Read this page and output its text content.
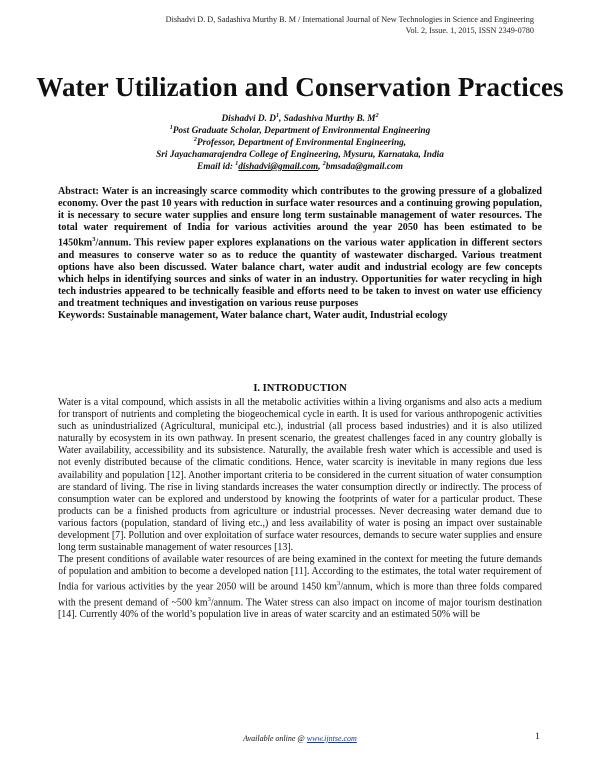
Dishadvi D. D, Sadashiva Murthy B. M / International Journal of New Technologies in Science and Engineering
Vol. 2, Issue. 1, 2015, ISSN 2349-0780
Water Utilization and Conservation Practices
Dishadvi D. $D^1$, Sadashiva Murthy B. $M^2$
$^1$Post Graduate Scholar, Department of Environmental Engineering
$^2$Professor, Department of Environmental Engineering,
Sri Jayachamarajendra College of Engineering, Mysuru, Karnataka, India
Email id: $^1$dishadvi@gmail.com, $^2$bmsada@gmail.com

Abstract: Water is an increasingly scarce commodity which contributes to the growing pressure of a globalized economy. Over the past 10 years with reduction in surface water resources and a continuing growing population, it is necessary to secure water supplies and ensure long term sustainable management of water resources. The total water requirement of India for various activities around the year 2050 has been estimated to be $1450km^3$/annum. This review paper explores explanations on the various water application in different sectors and measures to conserve water so as to reduce the quantity of wastewater discharged. Various treatment options have also been discussed. Water balance chart, water audit and industrial ecology are few concepts which helps in identifying sources and sinks of water in an industry. Opportunities for water recycling in high tech industries appeared to be technically feasible and efforts need to be taken to invest on water use efficiency and treatment techniques and investigation on various reuse purposes

Keywords: Sustainable management, Water balance chart, Water audit, Industrial ecology

I. INTRODUCTION

Water is a vital compound, which assists in all the metabolic activities within a living organisms and also acts a medium for transport of nutrients and completing the biogeochemical cycle in earth. It is used for various anthropogenic activities such as unindustrialized (Agricultural, municipal etc.), industrial (all process based industries) and it is also utilized naturally by ecosystem in its own pathway. In present scenario, the greatest challenges faced in any country globally is Water availability, accessibility and its subsistence. Naturally, the available fresh water which is accessible and used is not evenly distributed because of the climatic conditions. Hence, water scarcity is inevitable in many regions due less availability and population [12]. Another important criteria to be considered in the current situation of water consumption are standard of living. The rise in living standards increases the water consumption directly or indirectly. The process of consumption water can be explored and understood by knowing the footprints of water for a particular product. These products can be a finished products from agriculture or industrial processes. Never decreasing water demand due to various factors (population, standard of living etc.,) and less availability of water is posing an impact over sustainable development [7]. Pollution and over exploitation of surface water resources, demands to secure water supplies and ensure long term sustainable management of water resources [13].

The present conditions of available water resources of are being examined in the context for meeting the future demands of population and ambition to become a developed nation [11]. According to the estimates, the total water requirement of India for various activities by the year 2050 will be around 1450 $km^3$/annum, which is more than three folds compared with the present demand of ~500 $km^3$/annum. The Water stress can also impact on income of major tourism destination [14]. Currently 40% of the world’s population live in areas of water scarcity and an estimated 50% will be

Available online @ www.ijntse.com	1
